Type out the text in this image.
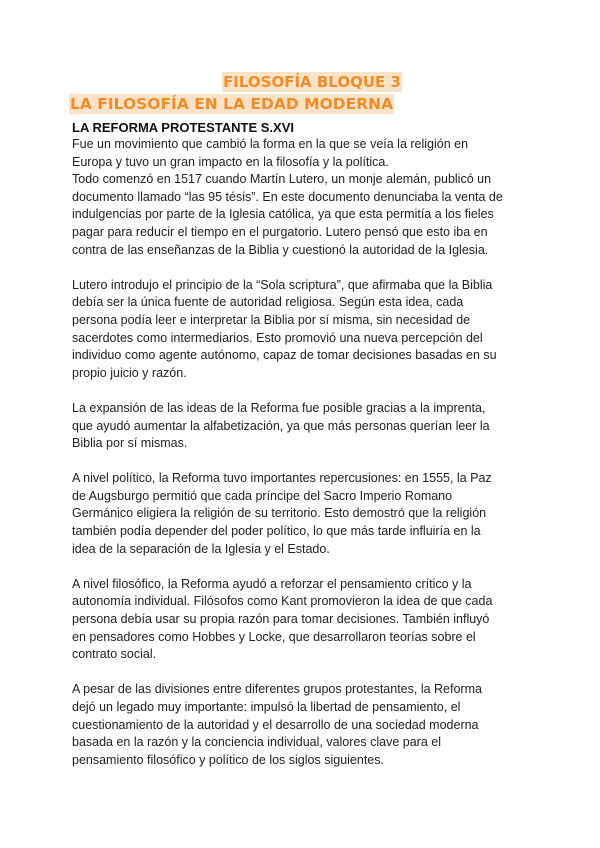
FILOSOFÍA BLOQUE 3
LA FILOSOFÍA EN LA EDAD MODERNA
LA REFORMA PROTESTANTE S.XVI

Fue un movimiento que cambió la forma en la que se veía la religión en
Europa y tuvo un gran impacto en la filosofía y la política.
Todo comenzó en 1517 cuando Martín Lutero, un monje alemán, publicó un
documento llamado “las 95 tésis”. En este documento denunciaba la venta de
indulgencias por parte de la Iglesia católica, ya que esta permitía a los fieles
pagar para reducir el tiempo en el purgatorio. Lutero pensó que esto iba en
contra de las enseñanzas de la Biblia y cuestionó la autoridad de la Iglesia.

Lutero introdujo el principio de la “Sola scriptura”, que afirmaba que la Biblia
debía ser la única fuente de autoridad religiosa. Según esta idea, cada
persona podía leer e interpretar la Biblia por sí misma, sin necesidad de
sacerdotes como intermediarios. Esto promovió una nueva percepción del
individuo como agente autónomo, capaz de tomar decisiones basadas en su
propio juicio y razón.

La expansión de las ideas de la Reforma fue posible gracias a la imprenta,
que ayudó aumentar la alfabetización, ya que más personas querían leer la
Biblia por sí mismas.

A nivel político, la Reforma tuvo importantes repercusiones: en 1555, la Paz
de Augsburgo permitió que cada príncipe del Sacro Imperio Romano
Germánico eligiera la religión de su territorio. Esto demostró que la religión
también podía depender del poder político, lo que más tarde influiría en la
idea de la separación de la Iglesia y el Estado.

A nivel filosófico, la Reforma ayudó a reforzar el pensamiento crítico y la
autonomía individual. Filósofos como Kant promovieron la idea de que cada
persona debía usar su propia razón para tomar decisiones. También influyó
en pensadores como Hobbes y Locke, que desarrollaron teorías sobre el
contrato social.

A pesar de las divisiones entre diferentes grupos protestantes, la Reforma
dejó un legado muy importante: impulsó la libertad de pensamiento, el
cuestionamiento de la autoridad y el desarrollo de una sociedad moderna
basada en la razón y la conciencia individual, valores clave para el
pensamiento filosófico y político de los siglos siguientes.
